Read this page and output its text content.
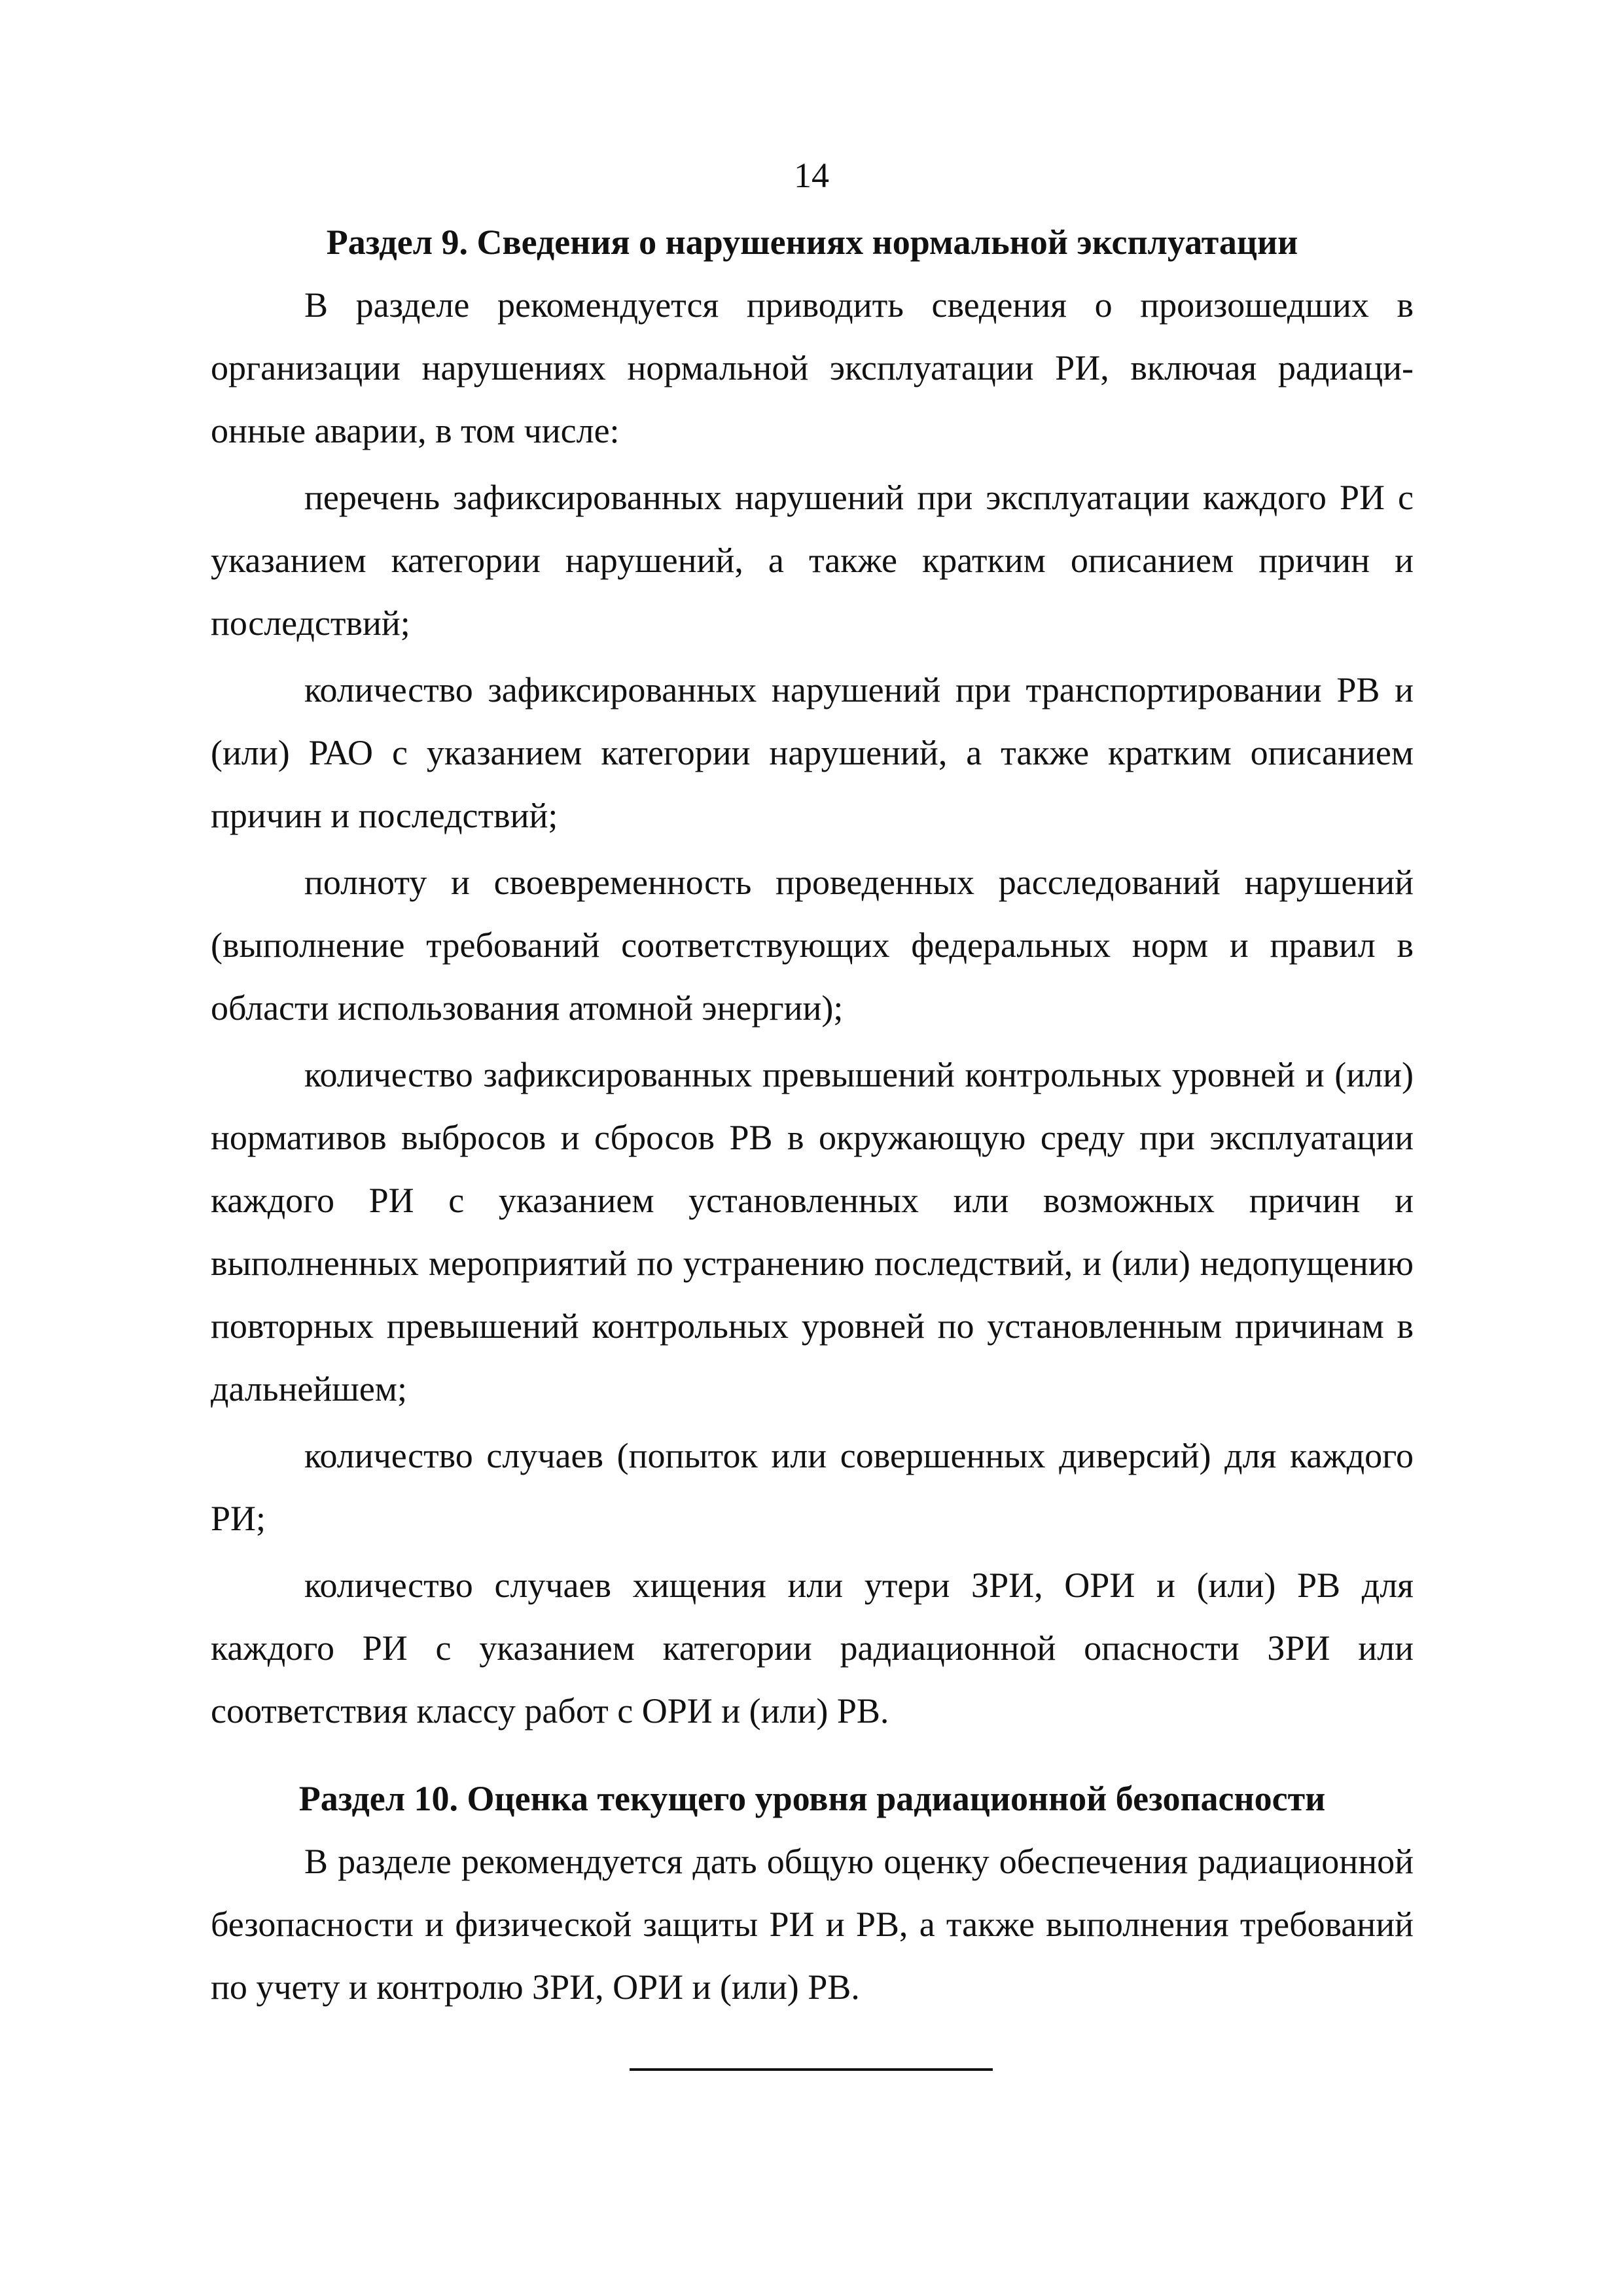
14
Раздел 9. Сведения о нарушениях нормальной эксплуатации

В разделе рекомендуется приводить сведения о произошедших в организации нарушениях нормальной эксплуатации РИ, включая радиационные аварии, в том числе:

перечень зафиксированных нарушений при эксплуатации каждого РИ с указанием категории нарушений, а также кратким описанием причин и последствий;

количество зафиксированных нарушений при транспортировании РВ и (или) РАО с указанием категории нарушений, а также кратким описанием причин и последствий;

полноту и своевременность проведенных расследований нарушений (выполнение требований соответствующих федеральных норм и правил в области использования атомной энергии);

количество зафиксированных превышений контрольных уровней и (или) нормативов выбросов и сбросов РВ в окружающую среду при эксплуатации каждого РИ с указанием установленных или возможных причин и выполненных мероприятий по устранению последствий, и (или) недопущению повторных превышений контрольных уровней по установленным причинам в дальнейшем;

количество случаев (попыток или совершенных диверсий) для каждого РИ;

количество случаев хищения или утери ЗРИ, ОРИ и (или) РВ для каждого РИ с указанием категории радиационной опасности ЗРИ или соответствия классу работ с ОРИ и (или) РВ.

Раздел 10. Оценка текущего уровня радиационной безопасности

В разделе рекомендуется дать общую оценку обеспечения радиационной безопасности и физической защиты РИ и РВ, а также выполнения требований по учету и контролю ЗРИ, ОРИ и (или) РВ.
